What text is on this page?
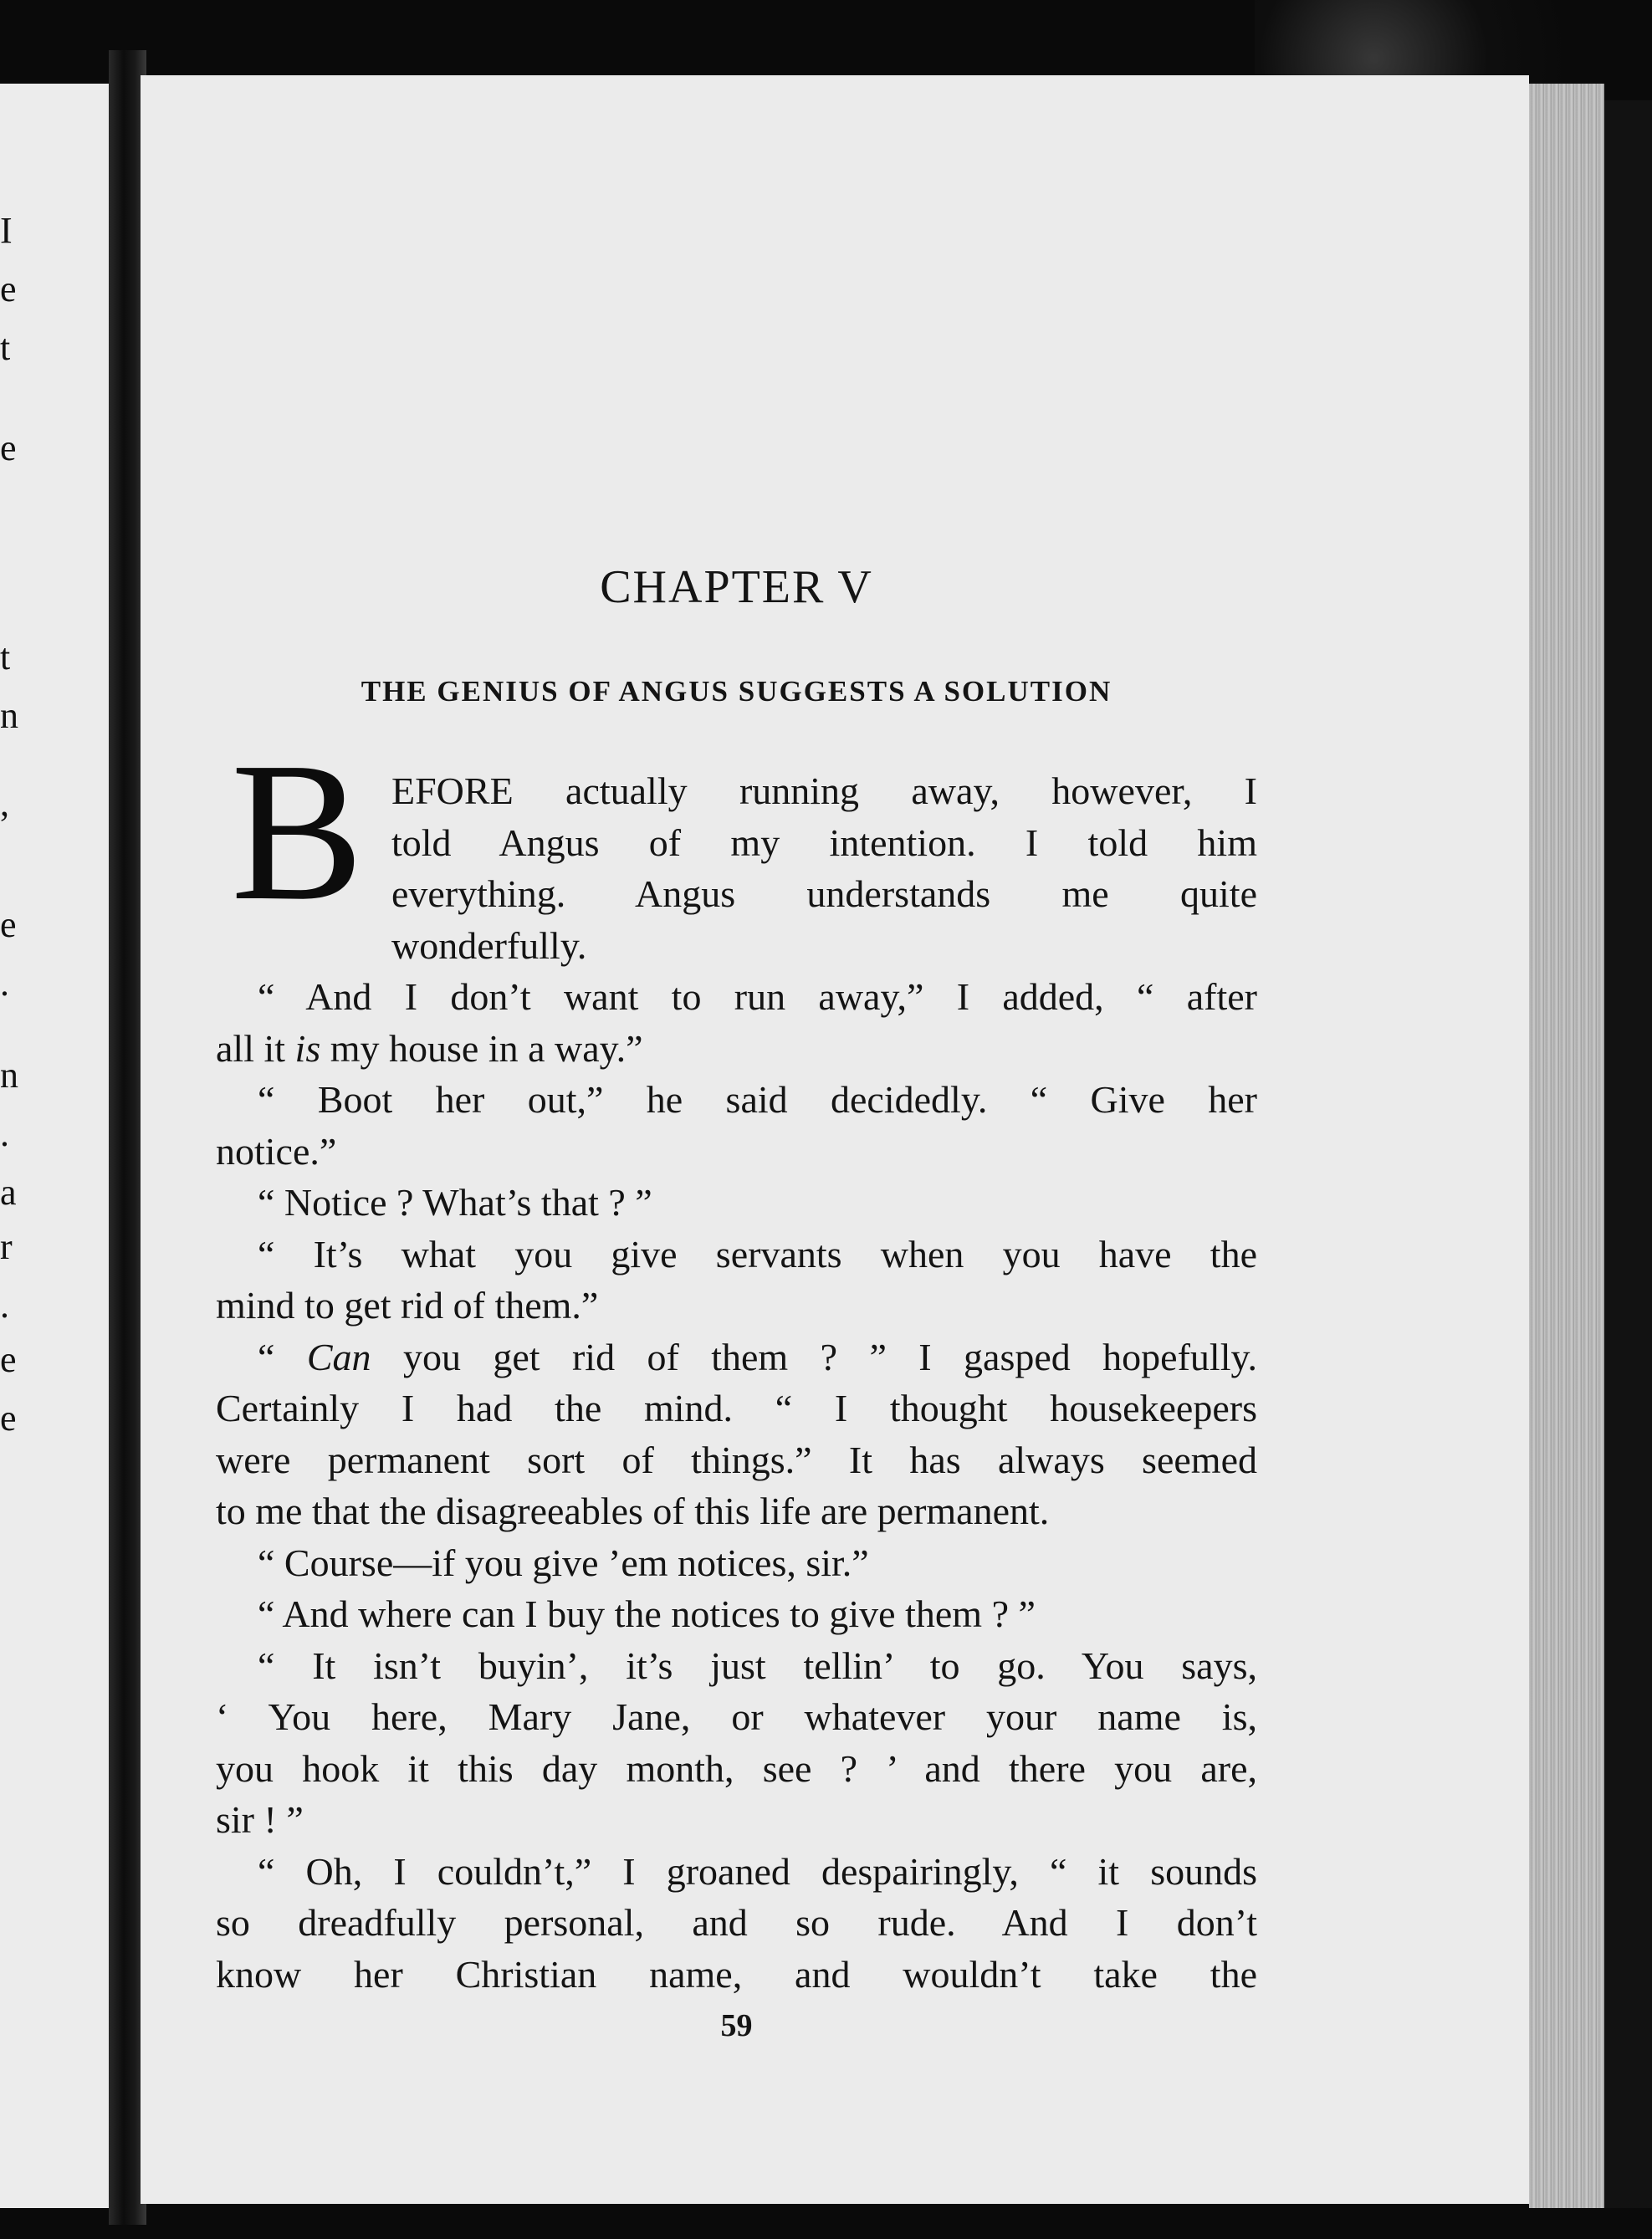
I
e
t
e
t
n
,
e
.
n
.
a
r
.
e
e
CHAPTER V
THE GENIUS OF ANGUS SUGGESTS A SOLUTION
B EFORE actually running away, however, I
told Angus of my intention. I told him
everything. Angus understands me quite
wonderfully.
“ And I don’t want to run away,” I added, “ after
all it is my house in a way.”
“ Boot her out,” he said decidedly. “ Give her
notice.”
“ Notice ? What’s that ? ”
“ It’s what you give servants when you have the
mind to get rid of them.”
“ Can you get rid of them ? ” I gasped hopefully.
Certainly I had the mind. “ I thought housekeepers
were permanent sort of things.” It has always seemed
to me that the disagreeables of this life are permanent.
“ Course—if you give ’em notices, sir.”
“ And where can I buy the notices to give them ? ”
“ It isn’t buyin’, it’s just tellin’ to go. You says,
‘ You here, Mary Jane, or whatever your name is,
you hook it this day month, see ? ’ and there you are,
sir ! ”
“ Oh, I couldn’t,” I groaned despairingly, “ it sounds
so dreadfully personal, and so rude. And I don’t
know her Christian name, and wouldn’t take the
59
